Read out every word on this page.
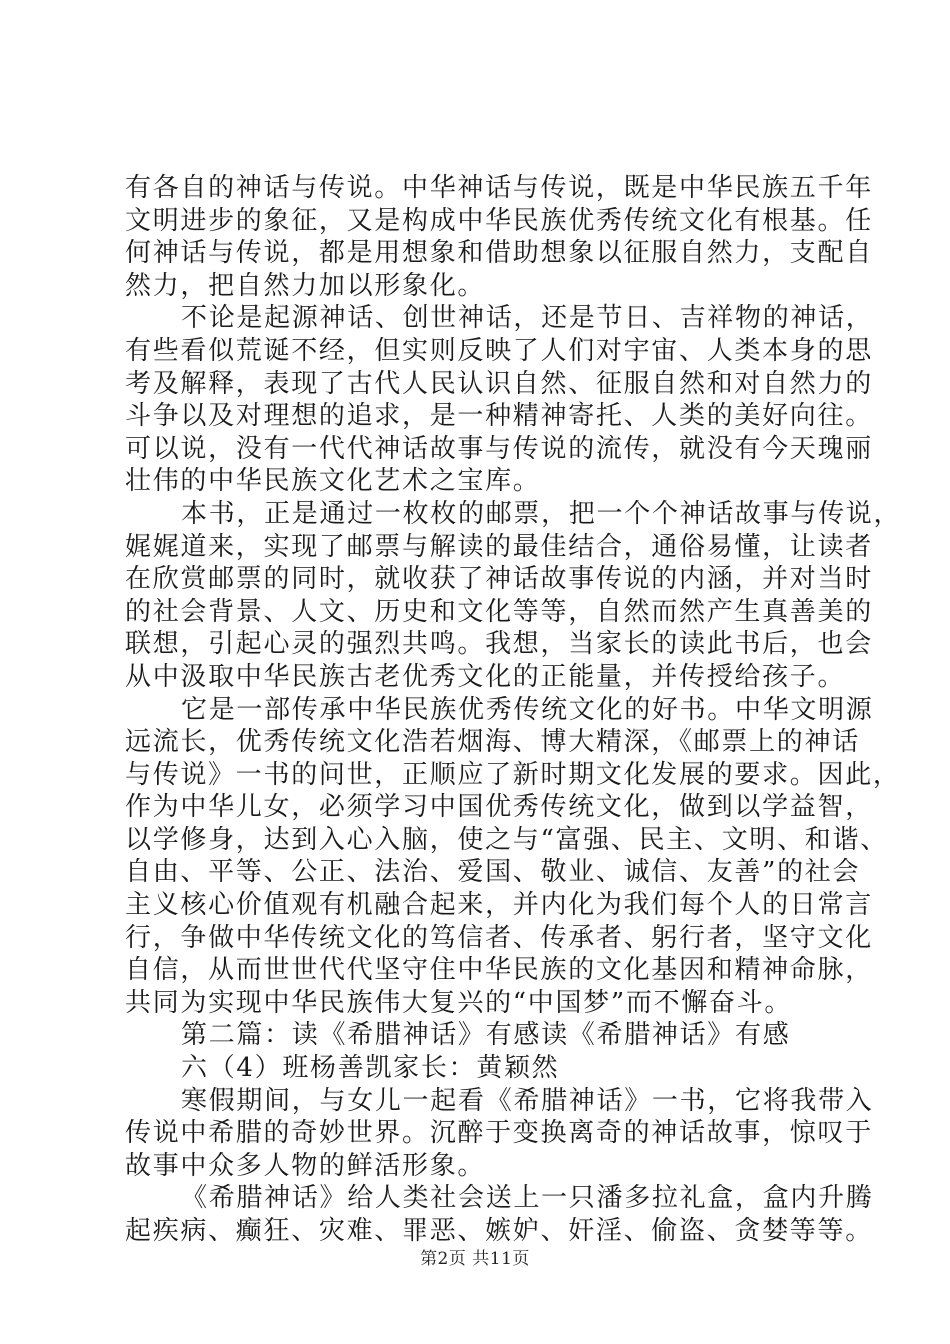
有各自的神话与传说。中华神话与传说，既是中华民族五千年
文明进步的象征，又是构成中华民族优秀传统文化有根基。任
何神话与传说，都是用想象和借助想象以征服自然力，支配自
然力，把自然力加以形象化。
不论是起源神话、创世神话，还是节日、吉祥物的神话，
有些看似荒诞不经，但实则反映了人们对宇宙、人类本身的思
考及解释，表现了古代人民认识自然、征服自然和对自然力的
斗争以及对理想的追求，是一种精神寄托、人类的美好向往。
可以说，没有一代代神话故事与传说的流传，就没有今天瑰丽
壮伟的中华民族文化艺术之宝库。
本书，正是通过一枚枚的邮票，把一个个神话故事与传说，
娓娓道来，实现了邮票与解读的最佳结合，通俗易懂，让读者
在欣赏邮票的同时，就收获了神话故事传说的内涵，并对当时
的社会背景、人文、历史和文化等等，自然而然产生真善美的
联想，引起心灵的强烈共鸣。我想，当家长的读此书后，也会
从中汲取中华民族古老优秀文化的正能量，并传授给孩子。
它是一部传承中华民族优秀传统文化的好书。中华文明源
远流长，优秀传统文化浩若烟海、博大精深，《邮票上的神话
与传说》一书的问世，正顺应了新时期文化发展的要求。因此，
作为中华儿女，必须学习中国优秀传统文化，做到以学益智，
以学修身，达到入心入脑，使之与“富强、民主、文明、和谐、
自由、平等、公正、法治、爱国、敬业、诚信、友善”的社会
主义核心价值观有机融合起来，并内化为我们每个人的日常言
行，争做中华传统文化的笃信者、传承者、躬行者，坚守文化
自信，从而世世代代坚守住中华民族的文化基因和精神命脉，
共同为实现中华民族伟大复兴的“中国梦”而不懈奋斗。
第二篇：读《希腊神话》有感读《希腊神话》有感
六（4）班杨善凯家长：黄颖然
寒假期间，与女儿一起看《希腊神话》一书，它将我带入
传说中希腊的奇妙世界。沉醉于变换离奇的神话故事，惊叹于
故事中众多人物的鲜活形象。
《希腊神话》给人类社会送上一只潘多拉礼盒，盒内升腾
起疾病、癫狂、灾难、罪恶、嫉妒、奸淫、偷盗、贪婪等等。
第2页 共11页
